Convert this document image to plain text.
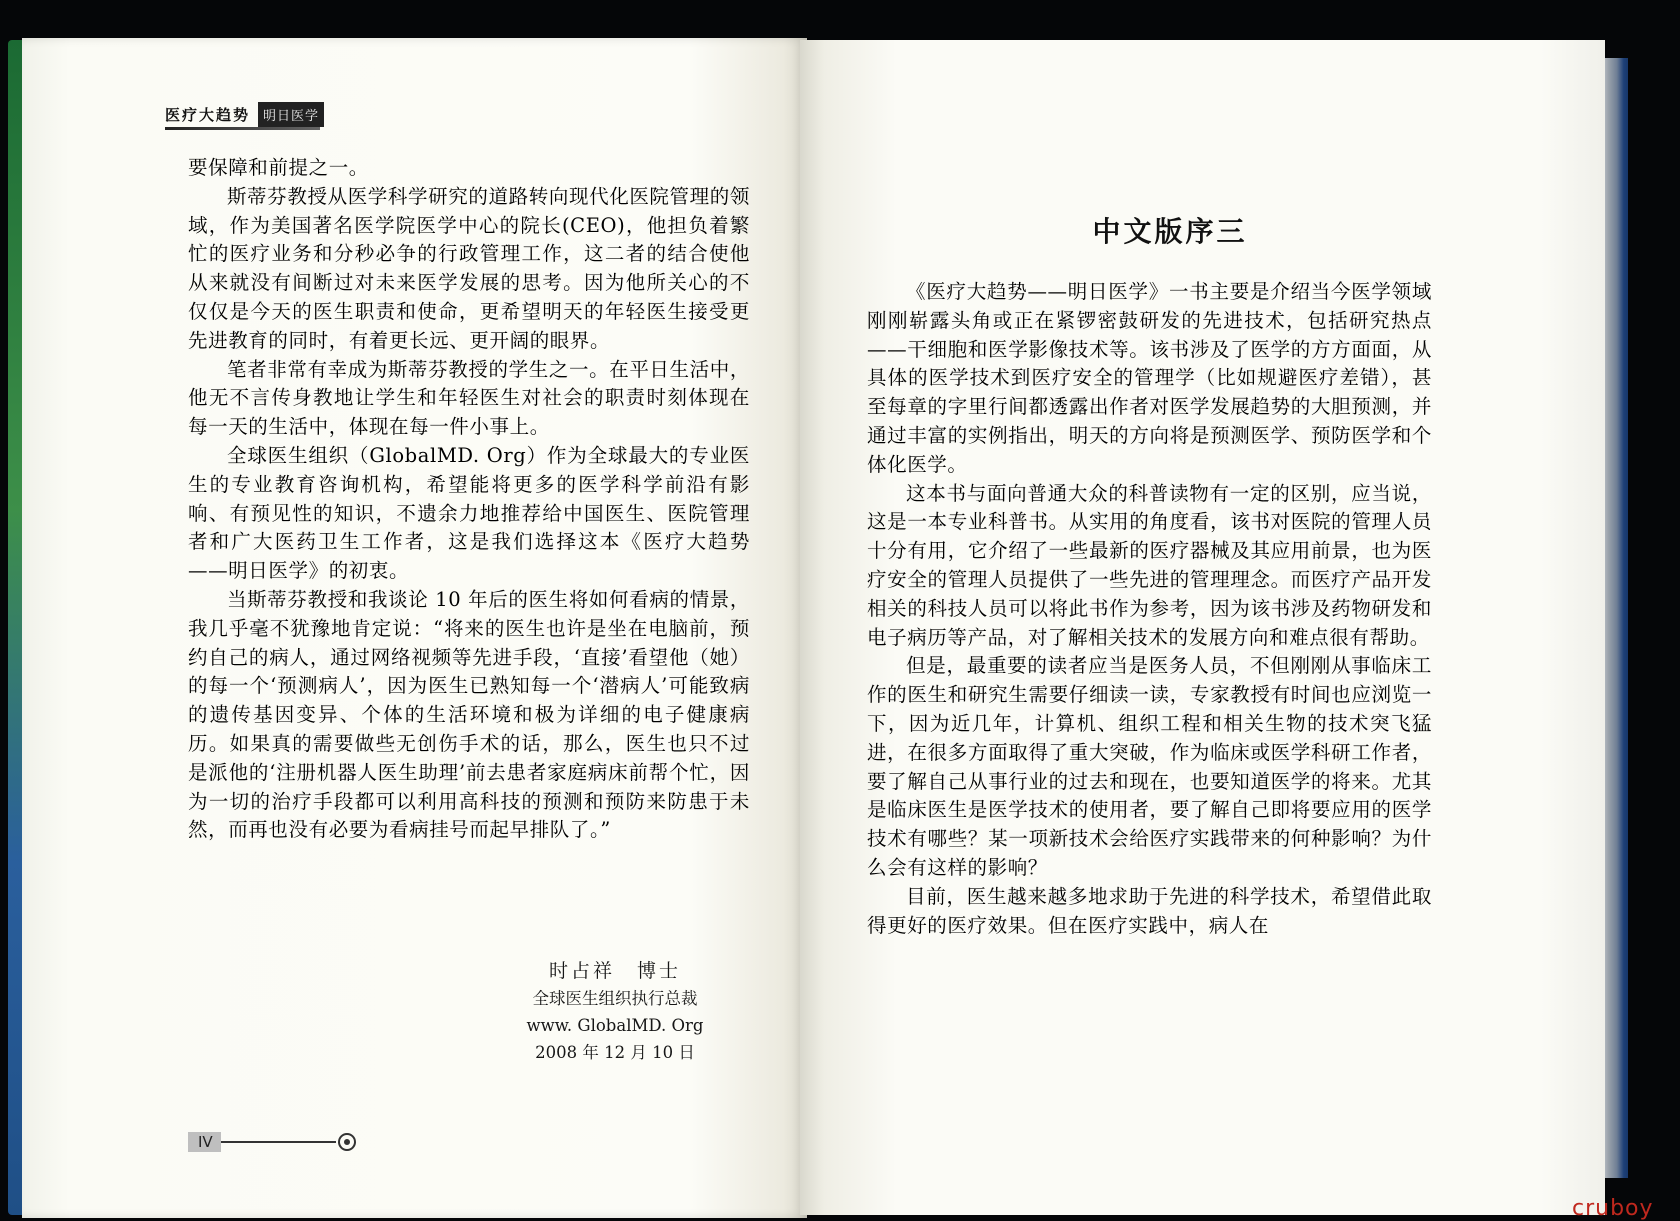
医疗大趋势	明日医学

要保障和前提之一。

斯蒂芬教授从医学科学研究的道路转向现代化医院管理的领域，作为美国著名医学院医学中心的院长(CEO)，他担负着繁忙的医疗业务和分秒必争的行政管理工作，这二者的结合使他从来就没有间断过对未来医学发展的思考。因为他所关心的不仅仅是今天的医生职责和使命，更希望明天的年轻医生接受更先进教育的同时，有着更长远、更开阔的眼界。

笔者非常有幸成为斯蒂芬教授的学生之一。在平日生活中，他无不言传身教地让学生和年轻医生对社会的职责时刻体现在每一天的生活中，体现在每一件小事上。

全球医生组织（GlobalMD. Org）作为全球最大的专业医生的专业教育咨询机构，希望能将更多的医学科学前沿有影响、有预见性的知识，不遗余力地推荐给中国医生、医院管理者和广大医药卫生工作者，这是我们选择这本《医疗大趋势——明日医学》的初衷。

当斯蒂芬教授和我谈论 10 年后的医生将如何看病的情景，我几乎毫不犹豫地肯定说：“将来的医生也许是坐在电脑前，预约自己的病人，通过网络视频等先进手段，‘直接’看望他（她）的每一个‘预测病人’，因为医生已熟知每一个‘潜病人’可能致病的遗传基因变异、个体的生活环境和极为详细的电子健康病历。如果真的需要做些无创伤手术的话，那么，医生也只不过是派他的‘注册机器人医生助理’前去患者家庭病床前帮个忙，因为一切的治疗手段都可以利用高科技的预测和预防来防患于未然，而再也没有必要为看病挂号而起早排队了。”

时占祥　博士
全球医生组织执行总裁
www. GlobalMD. Org
2008 年 12 月 10 日
IV
中文版序三

《医疗大趋势——明日医学》一书主要是介绍当今医学领域刚刚崭露头角或正在紧锣密鼓研发的先进技术，包括研究热点——干细胞和医学影像技术等。该书涉及了医学的方方面面，从具体的医学技术到医疗安全的管理学（比如规避医疗差错），甚至每章的字里行间都透露出作者对医学发展趋势的大胆预测，并通过丰富的实例指出，明天的方向将是预测医学、预防医学和个体化医学。

这本书与面向普通大众的科普读物有一定的区别，应当说，这是一本专业科普书。从实用的角度看，该书对医院的管理人员十分有用，它介绍了一些最新的医疗器械及其应用前景，也为医疗安全的管理人员提供了一些先进的管理理念。而医疗产品开发相关的科技人员可以将此书作为参考，因为该书涉及药物研发和电子病历等产品，对了解相关技术的发展方向和难点很有帮助。

但是，最重要的读者应当是医务人员，不但刚刚从事临床工作的医生和研究生需要仔细读一读，专家教授有时间也应浏览一下，因为近几年，计算机、组织工程和相关生物的技术突飞猛进，在很多方面取得了重大突破，作为临床或医学科研工作者，要了解自己从事行业的过去和现在，也要知道医学的将来。尤其是临床医生是医学技术的使用者，要了解自己即将要应用的医学技术有哪些？某一项新技术会给医疗实践带来的何种影响？为什么会有这样的影响？

目前，医生越来越多地求助于先进的科学技术，希望借此取得更好的医疗效果。但在医疗实践中，病人在

cruboy
